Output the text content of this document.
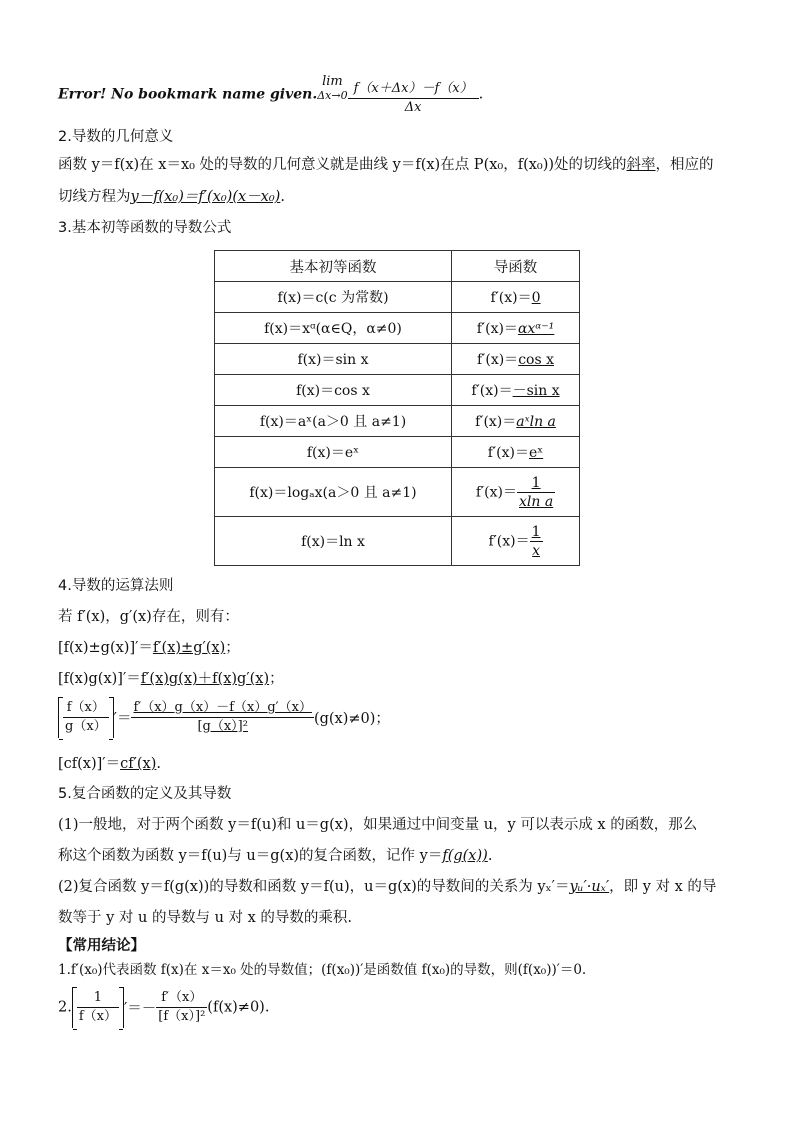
Error! No bookmark name given.
lim
$\Delta x\to 0 \frac{f(x+\Delta x)-f(x)}{\Delta x}$ .
2.导数的几何意义
函数 y＝f(x)在 x＝x₀ 处的导数的几何意义就是曲线 y＝f(x)在点 P(x₀，f(x₀))处的切线的斜率，相应的
切线方程为y－f(x₀)＝f′(x₀)(x－x₀).
3.基本初等函数的导数公式
基本初等函数	导函数
f(x)＝c(c 为常数)	f′(x)＝0
f(x)＝xᵅ(α∈Q，α≠0)	f′(x)＝αxᵅ⁻¹
f(x)＝sin x	f′(x)＝cos x
f(x)＝cos x	f′(x)＝－sin x
f(x)＝aˣ(a＞0 且 a≠1)	f′(x)＝aˣln a
f(x)＝eˣ	f′(x)＝eˣ
f(x)＝logₐx(a＞0 且 a≠1)	$f'(x)= \frac{1}{\text{xln a}}$

f(x)＝ln x	$f'(x)= \frac{1}{x}$
4.导数的运算法则
若 f′(x)，g′(x)存在，则有：
[f(x)±g(x)]′＝f′(x)±g′(x)；
[f(x)g(x)]′＝f′(x)g(x)＋f(x)g′(x)；
$\frac{f(x)}{g(x)}$ ′＝ $\frac{f'(x)g(x)-f(x)g'(x)}{\text{[g（x）]²}} (g(x)\ne 0)$；
[cf(x)]′＝cf′(x).
5.复合函数的定义及其导数
(1)一般地，对于两个函数 y＝f(u)和 u＝g(x)，如果通过中间变量 u，y 可以表示成 x 的函数，那么
称这个函数为函数 y＝f(u)与 u＝g(x)的复合函数，记作 y＝f(g(x)).
(2)复合函数 y＝f(g(x))的导数和函数 y＝f(u)，u＝g(x)的导数间的关系为 yₓ′＝yᵤ′·uₓ′，即 y 对 x 的导
数等于 y 对 u 的导数与 u 对 x 的导数的乘积.
【常用结论】
1.f′(x₀)代表函数 f(x)在 x＝x₀ 处的导数值；(f(x₀))′是函数值 f(x₀)的导数，则(f(x₀))′＝0.
2. $\frac{1}{f(x)}$ ′＝－ $\frac{f'(x)}{\text{[f（x）]²}} (f(x)\ne 0)$.
